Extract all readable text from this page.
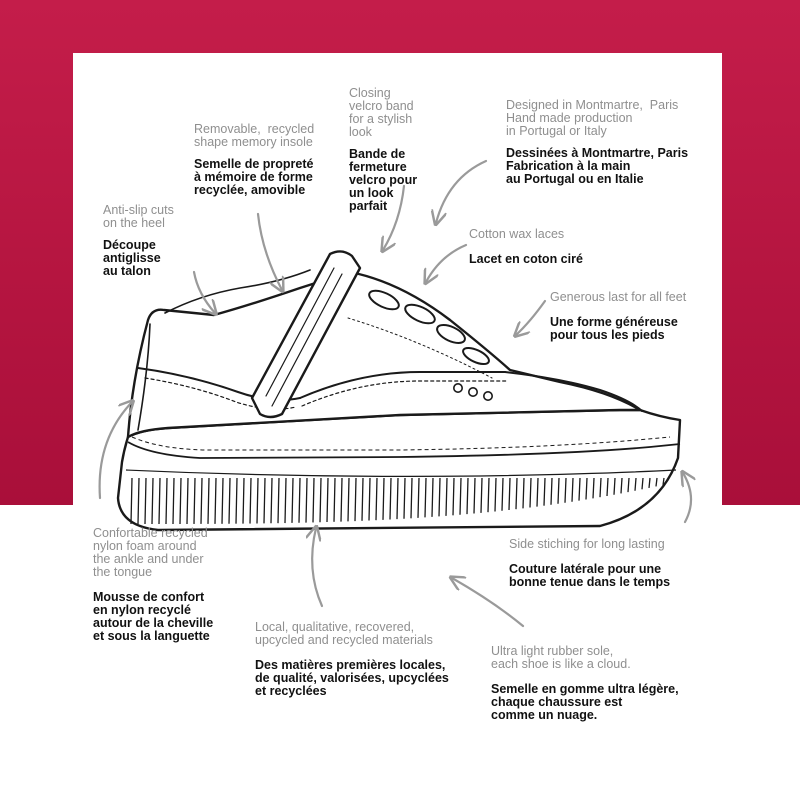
Anti-slip cuts
on the heel
Découpe
antiglisse
au talon
Removable,  recycled
shape memory insole
Semelle de propreté
à mémoire de forme
recyclée, amovible
Closing
velcro band
for a stylish
look
Bande de
fermeture
velcro pour
un look
parfait
Designed in Montmartre,  Paris
Hand made production
in Portugal or Italy
Dessinées à Montmartre, Paris
Fabrication à la main
au Portugal ou en Italie
Cotton wax laces
Lacet en coton ciré
Generous last for all feet
Une forme généreuse
pour tous les pieds
Confortable recycled
nylon foam around
the ankle and under
the tongue
Mousse de confort
en nylon recyclé
autour de la cheville
et sous la languette
Local, qualitative, recovered,
upcycled and recycled materials
Des matières premières locales,
de qualité, valorisées, upcyclées
et recyclées
Side stiching for long lasting
Couture latérale pour une
bonne tenue dans le temps
Ultra light rubber sole,
each shoe is like a cloud.
Semelle en gomme ultra légère,
chaque chaussure est
comme un nuage.
